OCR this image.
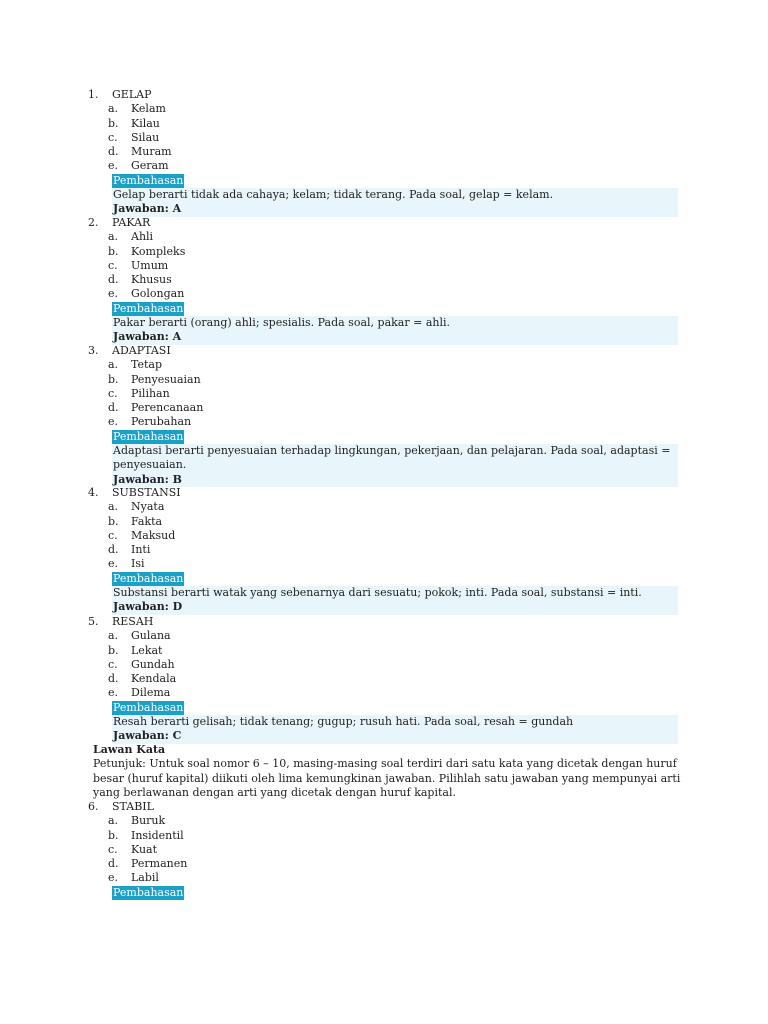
1. GELAP
a. Kelam
b. Kilau
c. Silau
d. Muram
e. Geram
Pembahasan
Gelap berarti tidak ada cahaya; kelam; tidak terang. Pada soal, gelap = kelam.
Jawaban: A
2. PAKAR
a. Ahli
b. Kompleks
c. Umum
d. Khusus
e. Golongan
Pembahasan
Pakar berarti (orang) ahli; spesialis. Pada soal, pakar = ahli.
Jawaban: A
3. ADAPTASI
a. Tetap
b. Penyesuaian
c. Pilihan
d. Perencanaan
e. Perubahan
Pembahasan
Adaptasi berarti penyesuaian terhadap lingkungan, pekerjaan, dan pelajaran. Pada soal, adaptasi = penyesuaian.
Jawaban: B
4. SUBSTANSI
a. Nyata
b. Fakta
c. Maksud
d. Inti
e. Isi
Pembahasan
Substansi berarti watak yang sebenarnya dari sesuatu; pokok; inti. Pada soal, substansi = inti.
Jawaban: D
5. RESAH
a. Gulana
b. Lekat
c. Gundah
d. Kendala
e. Dilema
Pembahasan
Resah berarti gelisah; tidak tenang; gugup; rusuh hati. Pada soal, resah = gundah
Jawaban: C
Lawan Kata
Petunjuk: Untuk soal nomor 6 – 10, masing-masing soal terdiri dari satu kata yang dicetak dengan huruf besar (huruf kapital) diikuti oleh lima kemungkinan jawaban. Pilihlah satu jawaban yang mempunyai arti yang berlawanan dengan arti yang dicetak dengan huruf kapital.
6. STABIL
a. Buruk
b. Insidentil
c. Kuat
d. Permanen
e. Labil
Pembahasan
